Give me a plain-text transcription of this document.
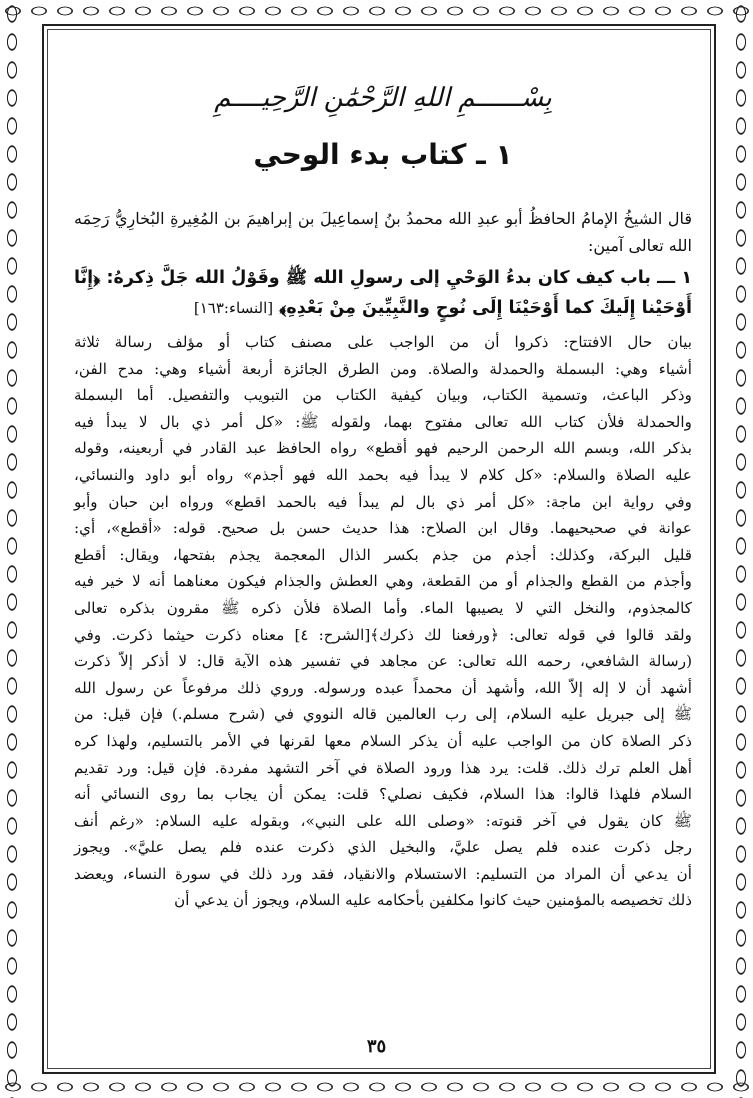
بِسْــــــمِ اللهِ الرَّحْمَٰنِ الرَّحِيــــمِ
١ ـ كتاب بدء الوحي

قال الشيخُ الإمامُ الحافظُ أبو عبدِ الله محمدُ بنُ إسماعِيلَ بن إبراهيمَ بن المُغِيرةِ البُخارِيُّ رَحِمَه الله تعالى آمين:

١ ـــ باب كيف كان بدءُ الوَحْيِ إلى رسولِ الله ﷺ وقَوْلُ الله جَلَّ ذِكرهُ: ﴿إِنَّا أَوْحَيْنا إِلَيكَ كما أَوْحَيْنَا إِلَى نُوحٍ والنَّبِيِّينَ مِنْ بَعْدِهِ﴾ [النساء:١٦٣]

بيان حال الافتتاح: ذكروا أن من الواجب على مصنف كتاب أو مؤلف رسالة ثلاثة

أشياء وهي: البسملة والحمدلة والصلاة. ومن الطرق الجائزة أربعة أشياء وهي: مدح الفن،

وذكر الباعث، وتسمية الكتاب، وبيان كيفية الكتاب من التبويب والتفصيل. أما البسملة

والحمدلة فلأن كتاب الله تعالى مفتوح بهما، ولقوله ﷺ: «كل أمر ذي بال لا يبدأ فيه

بذكر الله، وبسم الله الرحمن الرحيم فهو أقطع» رواه الحافظ عبد القادر في أربعينه، وقوله

عليه الصلاة والسلام: «كل كلام لا يبدأ فيه بحمد الله فهو أجذم» رواه أبو داود والنسائي،

وفي رواية ابن ماجة: «كل أمر ذي بال لم يبدأ فيه بالحمد اقطع» ورواه ابن حبان وأبو

عوانة في صحيحيهما. وقال ابن الصلاح: هذا حديث حسن بل صحيح. قوله: «أقطع»، أي:

قليل البركة، وكذلك: أجذم من جذم بكسر الذال المعجمة يجذم بفتحها، ويقال: أقطع

وأجذم من القطع والجذام أو من القطعة، وهي العطش والجذام فيكون معناهما أنه لا خير فيه

كالمجذوم، والنخل التي لا يصيبها الماء. وأما الصلاة فلأن ذكره ﷺ مقرون بذكره تعالى

ولقد قالوا في قوله تعالى: ﴿ورفعنا لك ذكرك﴾[الشرح: ٤] معناه ذكرت حيثما ذكرت. وفي

(رسالة الشافعي، رحمه الله تعالى: عن مجاهد في تفسير هذه الآية قال: لا أذكر إلاّ ذكرت

أشهد أن لا إله إلاّ الله، وأشهد أن محمداً عبده ورسوله. وروي ذلك مرفوعاً عن رسول الله

ﷺ إلى جبريل عليه السلام، إلى رب العالمين قاله النووي في (شرح مسلم.) فإن قيل: من

ذكر الصلاة كان من الواجب عليه أن يذكر السلام معها لقرنها في الأمر بالتسليم، ولهذا كره

أهل العلم ترك ذلك. قلت: يرد هذا ورود الصلاة في آخر التشهد مفردة. فإن قيل: ورد تقديم

السلام فلهذا قالوا: هذا السلام، فكيف نصلي؟ قلت: يمكن أن يجاب بما روى النسائي أنه

ﷺ كان يقول في آخر قنوته: «وصلى الله على النبي»، وبقوله عليه السلام: «رغم أنف

رجل ذكرت عنده فلم يصل عليَّ، والبخيل الذي ذكرت عنده فلم يصل عليَّ». ويجوز

أن يدعي أن المراد من التسليم: الاستسلام والانقياد، فقد ورد ذلك في سورة النساء، ويعضد

ذلك تخصيصه بالمؤمنين حيث كانوا مكلفين بأحكامه عليه السلام، ويجوز أن يدعي أن

٣٥
